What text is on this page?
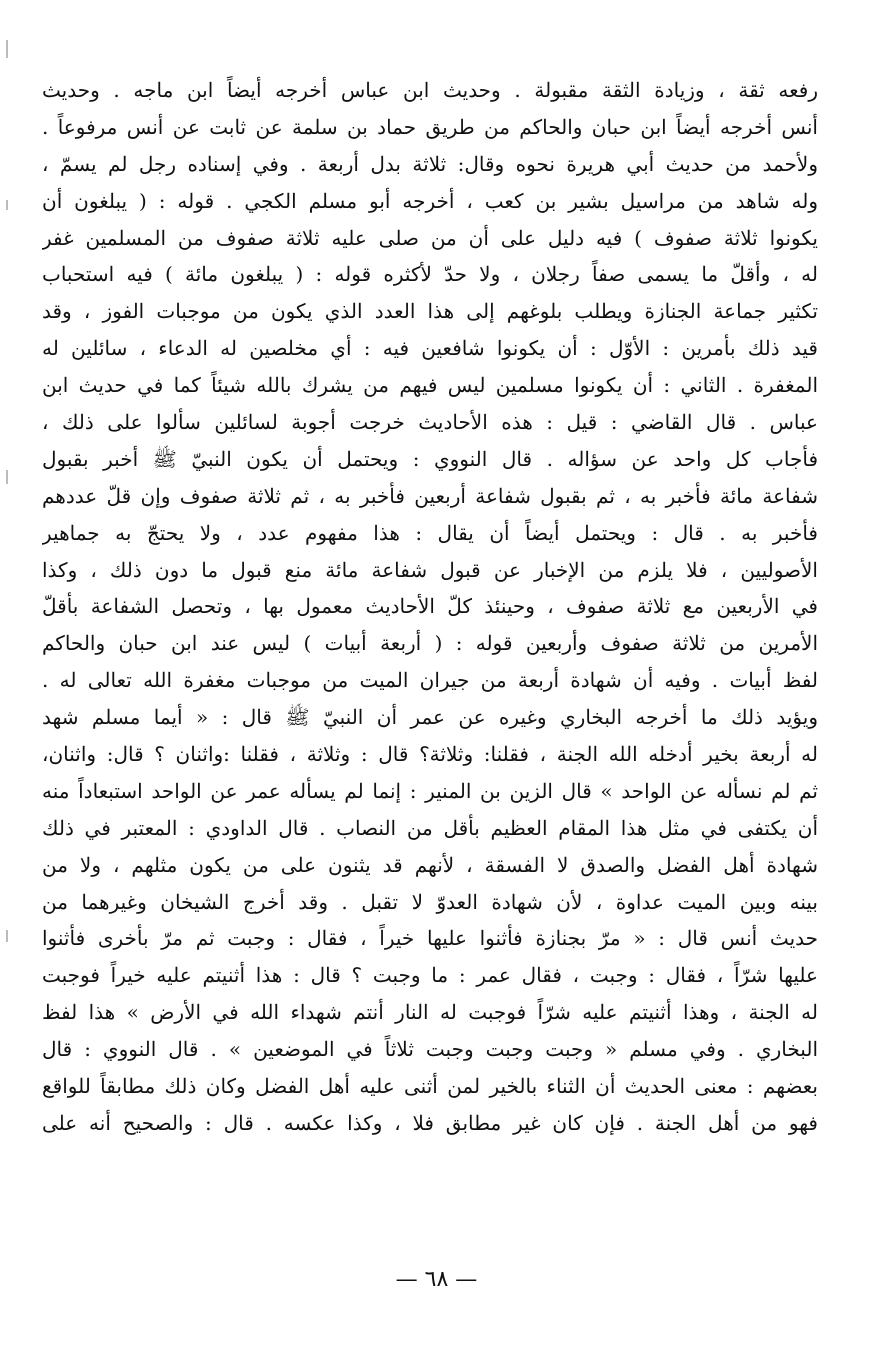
رفعه ثقة ، وزيادة الثقة مقبولة . وحديث ابن عباس أخرجه أيضاً ابن ماجه . وحديث
أنس أخرجه أيضاً ابن حبان والحاكم من طريق حماد بن سلمة عن ثابت عن أنس مرفوعاً .
ولأحمد من حديث أبي هريرة نحوه وقال: ثلاثة بدل أربعة . وفي إسناده رجل لم يسمّ ،
وله شاهد من مراسيل بشير بن كعب ، أخرجه أبو مسلم الكجي . قوله : ( يبلغون أن
يكونوا ثلاثة صفوف ) فيه دليل على أن من صلى عليه ثلاثة صفوف من المسلمين غفر
له ، وأقلّ ما يسمى صفاً رجلان ، ولا حدّ لأكثره قوله : ( يبلغون مائة ) فيه استحباب
تكثير جماعة الجنازة ويطلب بلوغهم إلى هذا العدد الذي يكون من موجبات الفوز ، وقد
قيد ذلك بأمرين : الأوّل : أن يكونوا شافعين فيه : أي مخلصين له الدعاء ، سائلين له
المغفرة . الثاني : أن يكونوا مسلمين ليس فيهم من يشرك بالله شيئاً كما في حديث ابن
عباس . قال القاضي : قيل : هذه الأحاديث خرجت أجوبة لسائلين سألوا على ذلك ،
فأجاب كل واحد عن سؤاله . قال النووي : ويحتمل أن يكون النبيّ ﷺ أخبر بقبول
شفاعة مائة فأخبر به ، ثم بقبول شفاعة أربعين فأخبر به ، ثم ثلاثة صفوف وإن قلّ عددهم
فأخبر به . قال : ويحتمل أيضاً أن يقال : هذا مفهوم عدد ، ولا يحتجّ به جماهير
الأصوليين ، فلا يلزم من الإخبار عن قبول شفاعة مائة منع قبول ما دون ذلك ، وكذا
في الأربعين مع ثلاثة صفوف ، وحينئذ كلّ الأحاديث معمول بها ، وتحصل الشفاعة بأقلّ
الأمرين من ثلاثة صفوف وأربعين قوله : ( أربعة أبيات ) ليس عند ابن حبان والحاكم
لفظ أبيات . وفيه أن شهادة أربعة من جيران الميت من موجبات مغفرة الله تعالى له .
ويؤيد ذلك ما أخرجه البخاري وغيره عن عمر أن النبيّ ﷺ قال : « أيما مسلم شهد
له أربعة بخير أدخله الله الجنة ، فقلنا: وثلاثة؟ قال : وثلاثة ، فقلنا :واثنان ؟ قال: واثنان،
ثم لم نسأله عن الواحد » قال الزين بن المنير : إنما لم يسأله عمر عن الواحد استبعاداً منه
أن يكتفى في مثل هذا المقام العظيم بأقل من النصاب . قال الداودي : المعتبر في ذلك
شهادة أهل الفضل والصدق لا الفسقة ، لأنهم قد يثنون على من يكون مثلهم ، ولا من
بينه وبين الميت عداوة ، لأن شهادة العدوّ لا تقبل . وقد أخرج الشيخان وغيرهما من
حديث أنس قال : « مرّ بجنازة فأثنوا عليها خيراً ، فقال : وجبت ثم مرّ بأخرى فأثنوا
عليها شرّاً ، فقال : وجبت ، فقال عمر : ما وجبت ؟ قال : هذا أثنيتم عليه خيراً فوجبت
له الجنة ، وهذا أثنيتم عليه شرّاً فوجبت له النار أنتم شهداء الله في الأرض » هذا لفظ
البخاري . وفي مسلم « وجبت وجبت وجبت ثلاثاً في الموضعين » . قال النووي : قال
بعضهم : معنى الحديث أن الثناء بالخير لمن أثنى عليه أهل الفضل وكان ذلك مطابقاً للواقع
فهو من أهل الجنة . فإن كان غير مطابق فلا ، وكذا عكسه . قال : والصحيح أنه على
— ٦٨ —
